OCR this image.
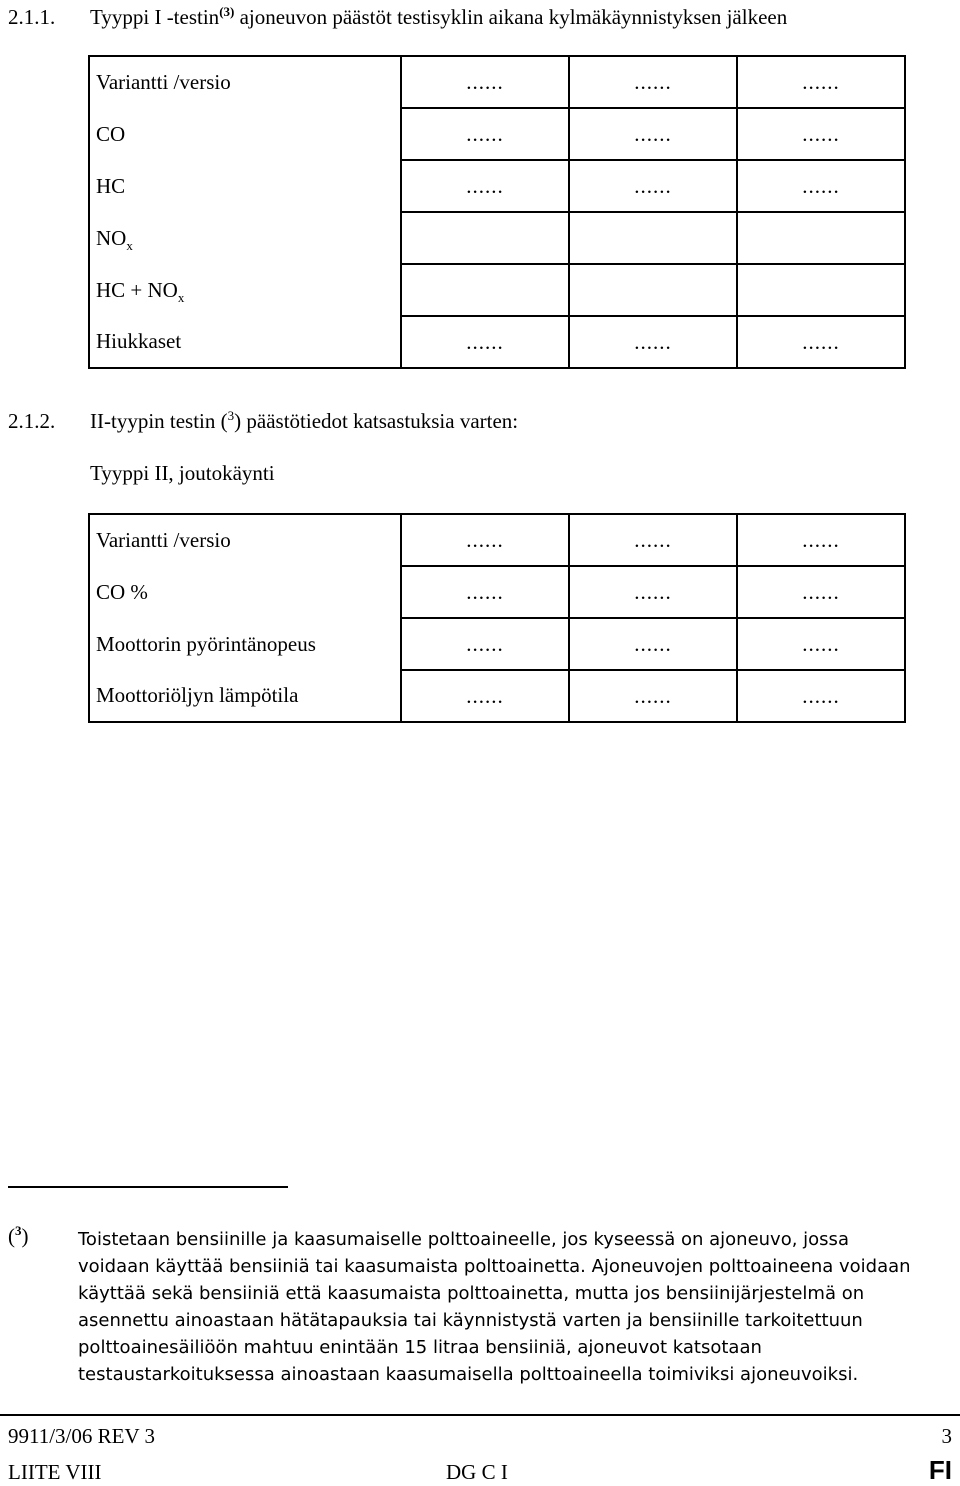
2.1.1. Tyyppi I -testin$^{(3)}$ ajoneuvon päästöt testisyklin aikana kylmäkäynnistyksen jälkeen
Variantti /versio	......	......	......
CO	......	......	......
HC	......	......	......
$NO_x$			
HC + $NO_x$			
Hiukkaset	......	......	......
2.1.2. II-tyypin testin ($^3$) päästötiedot katsastuksia varten:
Tyyppi II, joutokäynti
Variantti /versio	......	......	......
CO %	......	......	......
Moottorin pyörintänopeus	......	......	......
Moottoriöljyn lämpötila	......	......	......
($^3$)	Toistetaan bensiinille ja kaasumaiselle polttoaineelle, jos kyseessä on ajoneuvo, jossa
voidaan käyttää bensiiniä tai kaasumaista polttoainetta. Ajoneuvojen polttoaineena voidaan
käyttää sekä bensiiniä että kaasumaista polttoainetta, mutta jos bensiinijärjestelmä on
asennettu ainoastaan hätätapauksia tai käynnistystä varten ja bensiinille tarkoitettuun
polttoainesäiliöön mahtuu enintään 15 litraa bensiiniä, ajoneuvot katsotaan
testaustarkoituksessa ainoastaan kaasumaisella polttoaineella toimiviksi ajoneuvoiksi.
9911/3/06 REV 3	3
LIITE VIII	DG C I	FI
